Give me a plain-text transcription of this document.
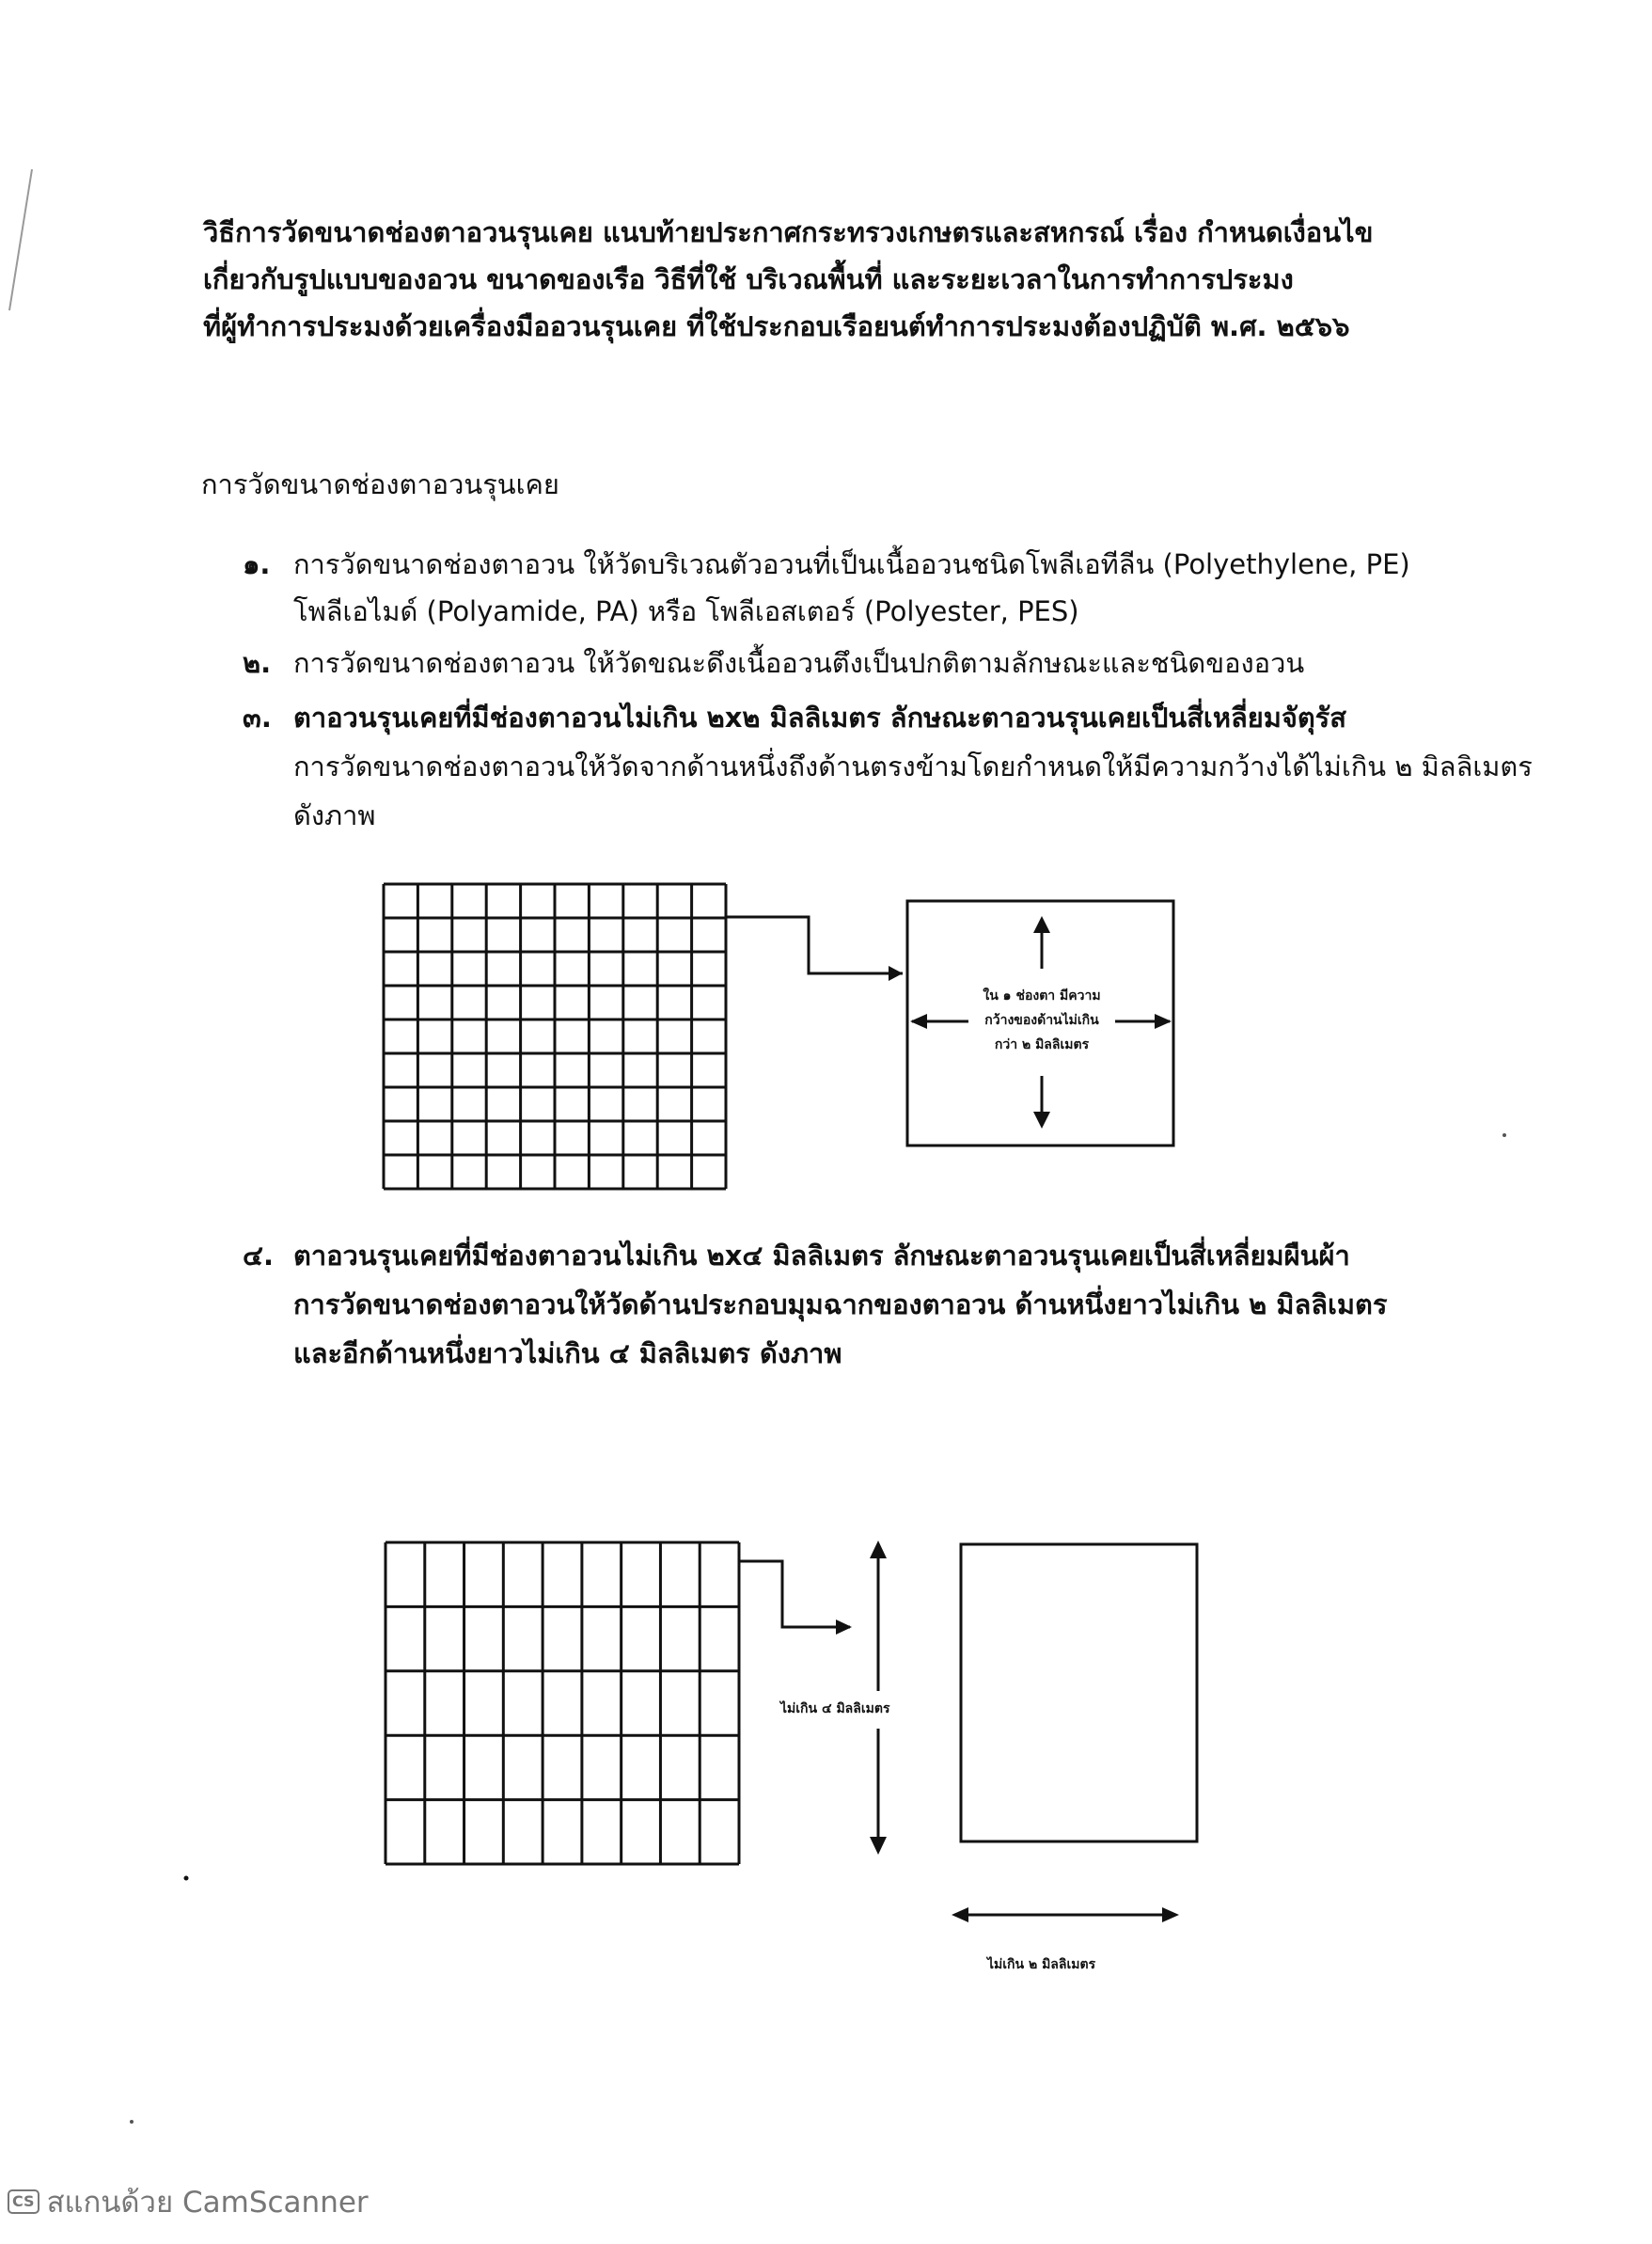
วิธีการวัดขนาดช่องตาอวนรุนเคย แนบท้ายประกาศกระทรวงเกษตรและสหกรณ์ เรื่อง กำหนดเงื่อนไข
เกี่ยวกับรูปแบบของอวน ขนาดของเรือ วิธีที่ใช้ บริเวณพื้นที่ และระยะเวลาในการทำการประมง
ที่ผู้ทำการประมงด้วยเครื่องมืออวนรุนเคย ที่ใช้ประกอบเรือยนต์ทำการประมงต้องปฏิบัติ พ.ศ. ๒๕๖๖
การวัดขนาดช่องตาอวนรุนเคย
๑. การวัดขนาดช่องตาอวน ให้วัดบริเวณตัวอวนที่เป็นเนื้ออวนชนิดโพลีเอทีลีน (Polyethylene, PE)
โพลีเอไมด์ (Polyamide, PA) หรือ โพลีเอสเตอร์ (Polyester, PES)
๒. การวัดขนาดช่องตาอวน ให้วัดขณะดึงเนื้ออวนตึงเป็นปกติตามลักษณะและชนิดของอวน
๓. ตาอวนรุนเคยที่มีช่องตาอวนไม่เกิน ๒x๒ มิลลิเมตร ลักษณะตาอวนรุนเคยเป็นสี่เหลี่ยมจัตุรัส
การวัดขนาดช่องตาอวนให้วัดจากด้านหนึ่งถึงด้านตรงข้ามโดยกำหนดให้มีความกว้างได้ไม่เกิน ๒ มิลลิเมตร
ดังภาพ
ใน ๑ ช่องตา มีความ
กว้างของด้านไม่เกิน
กว่า ๒ มิลลิเมตร
๔. ตาอวนรุนเคยที่มีช่องตาอวนไม่เกิน ๒x๔ มิลลิเมตร ลักษณะตาอวนรุนเคยเป็นสี่เหลี่ยมผืนผ้า
การวัดขนาดช่องตาอวนให้วัดด้านประกอบมุมฉากของตาอวน ด้านหนึ่งยาวไม่เกิน ๒ มิลลิเมตร
และอีกด้านหนึ่งยาวไม่เกิน ๔ มิลลิเมตร ดังภาพ
ไม่เกิน ๔ มิลลิเมตร
ไม่เกิน ๒ มิลลิเมตร
CS สแกนด้วย CamScanner
